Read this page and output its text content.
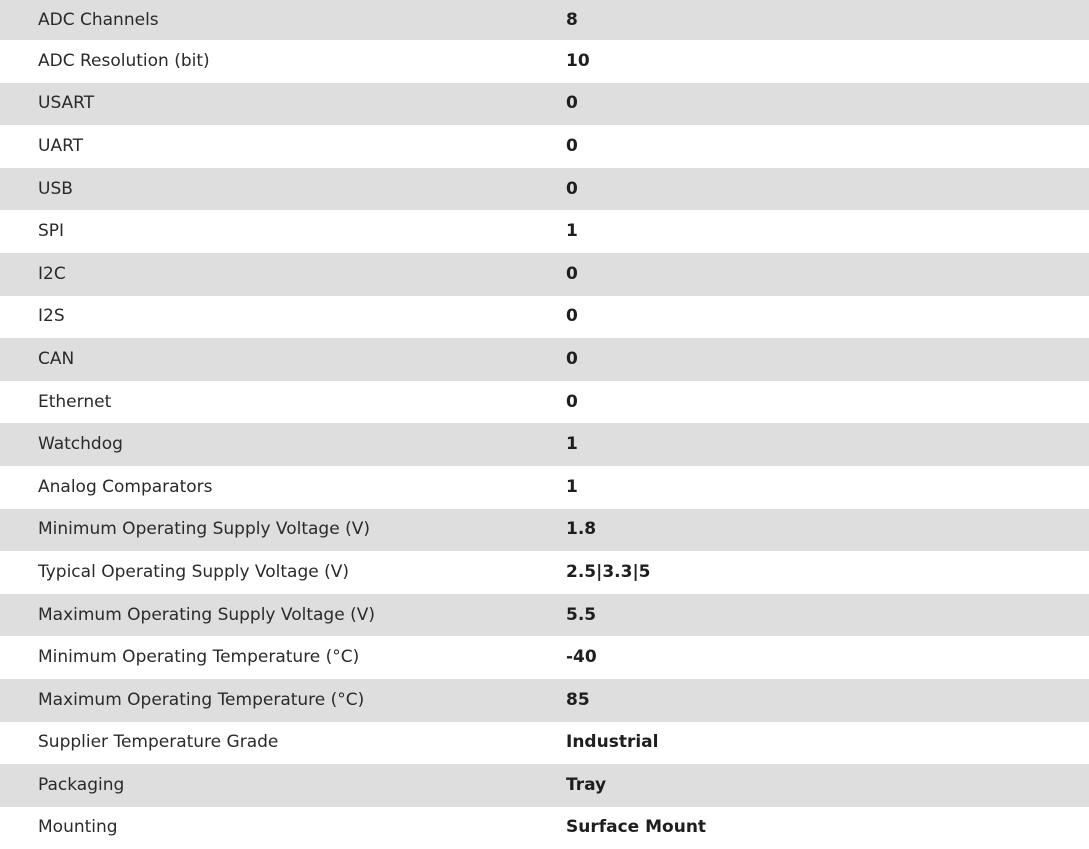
ADC Channels	8
ADC Resolution (bit)	10
USART	0
UART	0
USB	0
SPI	1
I2C	0
I2S	0
CAN	0
Ethernet	0
Watchdog	1
Analog Comparators	1
Minimum Operating Supply Voltage (V)	1.8
Typical Operating Supply Voltage (V)	2.5|3.3|5
Maximum Operating Supply Voltage (V)	5.5
Minimum Operating Temperature (°C)	-40
Maximum Operating Temperature (°C)	85
Supplier Temperature Grade	Industrial
Packaging	Tray
Mounting	Surface Mount
